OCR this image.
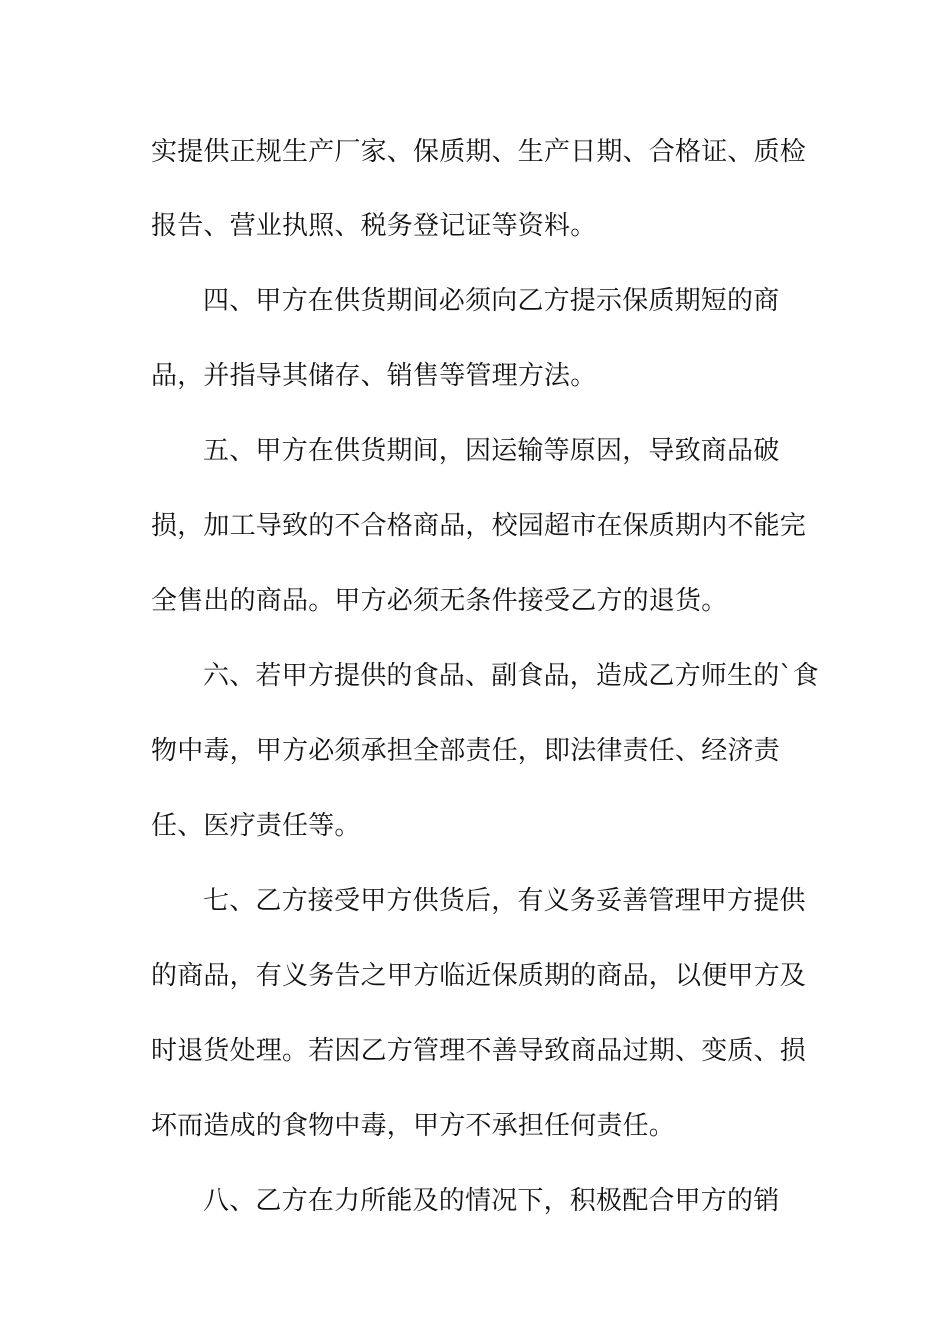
实提供正规生产厂家、保质期、生产日期、合格证、质检
报告、营业执照、税务登记证等资料。
四、甲方在供货期间必须向乙方提示保质期短的商
品，并指导其储存、销售等管理方法。
五、甲方在供货期间，因运输等原因，导致商品破
损，加工导致的不合格商品，校园超市在保质期内不能完
全售出的商品。甲方必须无条件接受乙方的退货。
六、若甲方提供的食品、副食品，造成乙方师生的`食
物中毒，甲方必须承担全部责任，即法律责任、经济责
任、医疗责任等。
七、乙方接受甲方供货后，有义务妥善管理甲方提供
的商品，有义务告之甲方临近保质期的商品，以便甲方及
时退货处理。若因乙方管理不善导致商品过期、变质、损
坏而造成的食物中毒，甲方不承担任何责任。
八、乙方在力所能及的情况下，积极配合甲方的销
